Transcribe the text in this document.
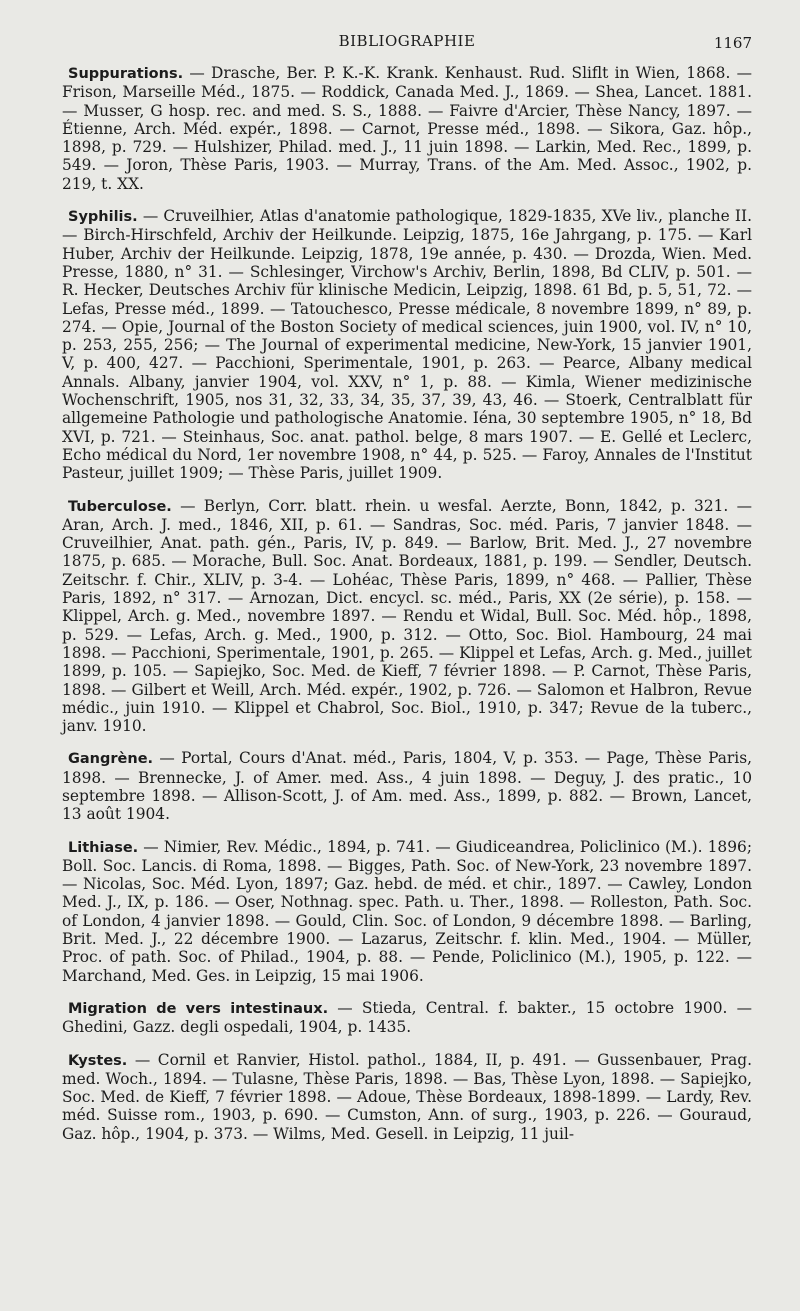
BIBLIOGRAPHIE	1167

Suppurations. — Drasche, Ber. P. K.-K. Krank. Kenhaust. Rud. Sliflt in Wien, 1868. — Frison, Marseille Méd., 1875. — Roddick, Canada Med. J., 1869. — Shea, Lancet. 1881. — Musser, G hosp. rec. and med. S. S., 1888. — Faivre d'Arcier, Thèse Nancy, 1897. — Étienne, Arch. Méd. expér., 1898. — Carnot, Presse méd., 1898. — Sikora, Gaz. hôp., 1898, p. 729. — Hulshizer, Philad. med. J., 11 juin 1898. — Larkin, Med. Rec., 1899, p. 549. — Joron, Thèse Paris, 1903. — Murray, Trans. of the Am. Med. Assoc., 1902, p. 219, t. XX.

Syphilis. — Cruveilhier, Atlas d'anatomie pathologique, 1829-1835, XVe liv., planche II. — Birch-Hirschfeld, Archiv der Heilkunde. Leipzig, 1875, 16e Jahrgang, p. 175. — Karl Huber, Archiv der Heilkunde. Leipzig, 1878, 19e année, p. 430. — Drozda, Wien. Med. Presse, 1880, n° 31. — Schlesinger, Virchow's Archiv, Berlin, 1898, Bd CLIV, p. 501. — R. Hecker, Deutsches Archiv für klinische Medicin, Leipzig, 1898. 61 Bd, p. 5, 51, 72. — Lefas, Presse méd., 1899. — Tatouchesco, Presse médicale, 8 novembre 1899, n° 89, p. 274. — Opie, Journal of the Boston Society of medical sciences, juin 1900, vol. IV, n° 10, p. 253, 255, 256; — The Journal of experimental medicine, New-York, 15 janvier 1901, V, p. 400, 427. — Pacchioni, Sperimentale, 1901, p. 263. — Pearce, Albany medical Annals. Albany, janvier 1904, vol. XXV, n° 1, p. 88. — Kimla, Wiener medizinische Wochenschrift, 1905, nos 31, 32, 33, 34, 35, 37, 39, 43, 46. — Stoerk, Centralblatt für allgemeine Pathologie und pathologische Anatomie. Iéna, 30 septembre 1905, n° 18, Bd XVI, p. 721. — Steinhaus, Soc. anat. pathol. belge, 8 mars 1907. — E. Gellé et Leclerc, Echo médical du Nord, 1er novembre 1908, n° 44, p. 525. — Faroy, Annales de l'Institut Pasteur, juillet 1909; — Thèse Paris, juillet 1909.

Tuberculose. — Berlyn, Corr. blatt. rhein. u wesfal. Aerzte, Bonn, 1842, p. 321. — Aran, Arch. J. med., 1846, XII, p. 61. — Sandras, Soc. méd. Paris, 7 janvier 1848. — Cruveilhier, Anat. path. gén., Paris, IV, p. 849. — Barlow, Brit. Med. J., 27 novembre 1875, p. 685. — Morache, Bull. Soc. Anat. Bordeaux, 1881, p. 199. — Sendler, Deutsch. Zeitschr. f. Chir., XLIV, p. 3-4. — Lohéac, Thèse Paris, 1899, n° 468. — Pallier, Thèse Paris, 1892, n° 317. — Arnozan, Dict. encycl. sc. méd., Paris, XX (2e série), p. 158. — Klippel, Arch. g. Med., novembre 1897. — Rendu et Widal, Bull. Soc. Méd. hôp., 1898, p. 529. — Lefas, Arch. g. Med., 1900, p. 312. — Otto, Soc. Biol. Hambourg, 24 mai 1898. — Pacchioni, Sperimentale, 1901, p. 265. — Klippel et Lefas, Arch. g. Med., juillet 1899, p. 105. — Sapiejko, Soc. Med. de Kieff, 7 février 1898. — P. Carnot, Thèse Paris, 1898. — Gilbert et Weill, Arch. Méd. expér., 1902, p. 726. — Salomon et Halbron, Revue médic., juin 1910. — Klippel et Chabrol, Soc. Biol., 1910, p. 347; Revue de la tuberc., janv. 1910.

Gangrène. — Portal, Cours d'Anat. méd., Paris, 1804, V, p. 353. — Page, Thèse Paris, 1898. — Brennecke, J. of Amer. med. Ass., 4 juin 1898. — Deguy, J. des pratic., 10 septembre 1898. — Allison-Scott, J. of Am. med. Ass., 1899, p. 882. — Brown, Lancet, 13 août 1904.

Lithiase. — Nimier, Rev. Médic., 1894, p. 741. — Giudiceandrea, Policlinico (M.). 1896; Boll. Soc. Lancis. di Roma, 1898. — Bigges, Path. Soc. of New-York, 23 novembre 1897. — Nicolas, Soc. Méd. Lyon, 1897; Gaz. hebd. de méd. et chir., 1897. — Cawley, London Med. J., IX, p. 186. — Oser, Nothnag. spec. Path. u. Ther., 1898. — Rolleston, Path. Soc. of London, 4 janvier 1898. — Gould, Clin. Soc. of London, 9 décembre 1898. — Barling, Brit. Med. J., 22 décembre 1900. — Lazarus, Zeitschr. f. klin. Med., 1904. — Müller, Proc. of path. Soc. of Philad., 1904, p. 88. — Pende, Policlinico (M.), 1905, p. 122. — Marchand, Med. Ges. in Leipzig, 15 mai 1906.

Migration de vers intestinaux. — Stieda, Central. f. bakter., 15 octobre 1900. — Ghedini, Gazz. degli ospedali, 1904, p. 1435.

Kystes. — Cornil et Ranvier, Histol. pathol., 1884, II, p. 491. — Gussenbauer, Prag. med. Woch., 1894. — Tulasne, Thèse Paris, 1898. — Bas, Thèse Lyon, 1898. — Sapiejko, Soc. Med. de Kieff, 7 février 1898. — Adoue, Thèse Bordeaux, 1898-1899. — Lardy, Rev. méd. Suisse rom., 1903, p. 690. — Cumston, Ann. of surg., 1903, p. 226. — Gouraud, Gaz. hôp., 1904, p. 373. — Wilms, Med. Gesell. in Leipzig, 11 juil-
